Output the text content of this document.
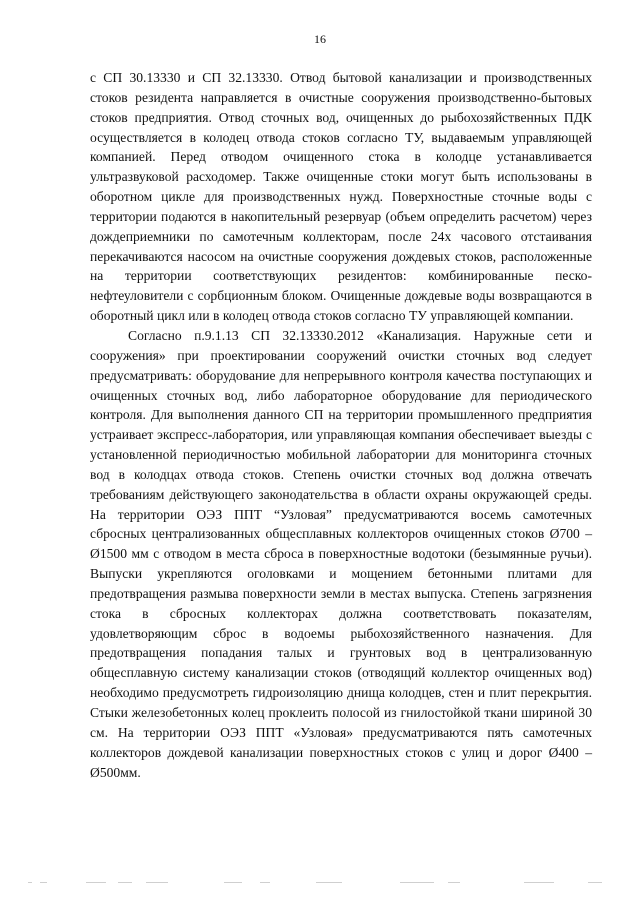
16

с СП 30.13330 и СП 32.13330. Отвод бытовой канализации и производственных стоков резидента направляется в очистные сооружения производственно-бытовых стоков предприятия. Отвод сточных вод, очищенных до рыбохозяйственных ПДК осуществляется в колодец отвода стоков согласно ТУ, выдаваемым управляющей компанией. Перед отводом очищенного стока в колодце устанавливается ультразвуковой расходомер. Также очищенные стоки могут быть использованы в оборотном цикле для производственных нужд. Поверхностные сточные воды с территории подаются в накопительный резервуар (объем определить расчетом) через дождеприемники по самотечным коллекторам, после 24х часового отстаивания перекачиваются насосом на очистные сооружения дождевых стоков, расположенные на территории соответствующих резидентов: комбинированные песко-нефтеуловители с сорбционным блоком. Очищенные дождевые воды возвращаются в оборотный цикл или в колодец отвода стоков согласно ТУ управляющей компании.

Согласно п.9.1.13 СП 32.13330.2012 «Канализация. Наружные сети и сооружения» при проектировании сооружений очистки сточных вод следует предусматривать: оборудование для непрерывного контроля качества поступающих и очищенных сточных вод, либо лабораторное оборудование для периодического контроля. Для выполнения данного СП на территории промышленного предприятия устраивает экспресс-лаборатория, или управляющая компания обеспечивает выезды с установленной периодичностью мобильной лаборатории для мониторинга сточных вод в колодцах отвода стоков. Степень очистки сточных вод должна отвечать требованиям действующего законодательства в области охраны окружающей среды. На территории ОЭЗ ППТ “Узловая” предусматриваются восемь самотечных сбросных централизованных общесплавных коллекторов очищенных стоков Ø700 – Ø1500 мм с отводом в места сброса в поверхностные водотоки (безымянные ручьи). Выпуски укрепляются оголовками и мощением бетонными плитами для предотвращения размыва поверхности земли в местах выпуска. Степень загрязнения стока в сбросных коллекторах должна соответствовать показателям, удовлетворяющим сброс в водоемы рыбохозяйственного назначения. Для предотвращения попадания талых и грунтовых вод в централизованную общесплавную систему канализации стоков (отводящий коллектор очищенных вод) необходимо предусмотреть гидроизоляцию днища колодцев, стен и плит перекрытия. Стыки железобетонных колец проклеить полосой из гнилостойкой ткани шириной 30 см. На территории ОЭЗ ППТ «Узловая» предусматриваются пять самотечных коллекторов дождевой канализации поверхностных стоков с улиц и дорог Ø400 – Ø500мм.
